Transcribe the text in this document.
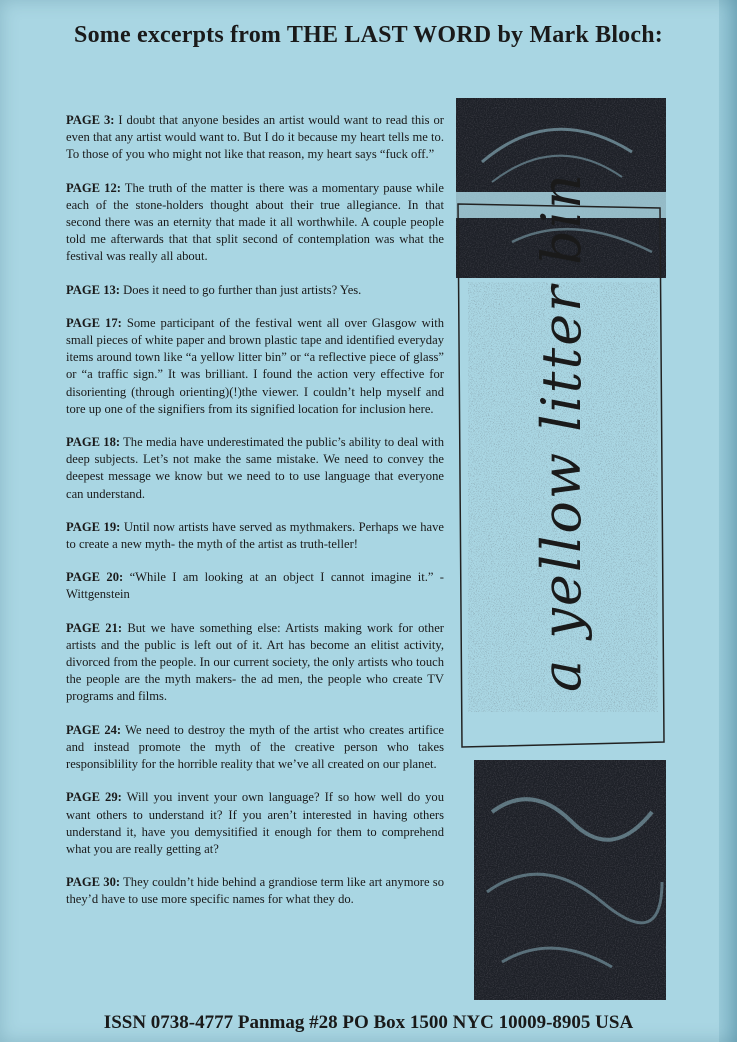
Some excerpts from THE LAST WORD by Mark Bloch:

PAGE 3: I doubt that anyone besides an artist would want to read this or even that any artist would want to. But I do it because my heart tells me to. To those of you who might not like that reason, my heart says “fuck off.”

PAGE 12: The truth of the matter is there was a momentary pause while each of the stone-holders thought about their true allegiance. In that second there was an eternity that made it all worthwhile. A couple people told me afterwards that that split second of contemplation was what the festival was really all about.

PAGE 13: Does it need to go further than just artists? Yes.

PAGE 17: Some participant of the festival went all over Glasgow with small pieces of white paper and brown plastic tape and identified everyday items around town like “a yellow litter bin” or “a reflective piece of glass” or “a traffic sign.” It was brilliant. I found the action very effective for disorienting (through orienting)(!)the viewer. I couldn’t help myself and tore up one of the signifiers from its signified location for inclusion here.

PAGE 18: The media have underestimated the public’s ability to deal with deep subjects. Let’s not make the same mistake. We need to convey the deepest message we know but we need to to use language that everyone can understand.

PAGE 19: Until now artists have served as mythmakers. Perhaps we have to create a new myth- the myth of the artist as truth-teller!

PAGE 20: “While I am looking at an object I cannot imagine it.” -Wittgenstein

PAGE 21: But we have something else: Artists making work for other artists and the public is left out of it. Art has become an elitist activity, divorced from the people. In our current society, the only artists who touch the people are the myth makers- the ad men, the people who create TV programs and films.

PAGE 24: We need to destroy the myth of the artist who creates artifice and instead promote the myth of the creative person who takes responsiblility for the horrible reality that we’ve all created on our planet.

PAGE 29: Will you invent your own language? If so how well do you want others to understand it? If you aren’t interested in having others understand it, have you demysitified it enough for them to comprehend what you are really getting at?

PAGE 30: They couldn’t hide behind a grandiose term like art anymore so they’d have to use more specific names for what they do.

a yellow litter bin
ISSN 0738-4777 Panmag #28 PO Box 1500 NYC 10009-8905 USA
